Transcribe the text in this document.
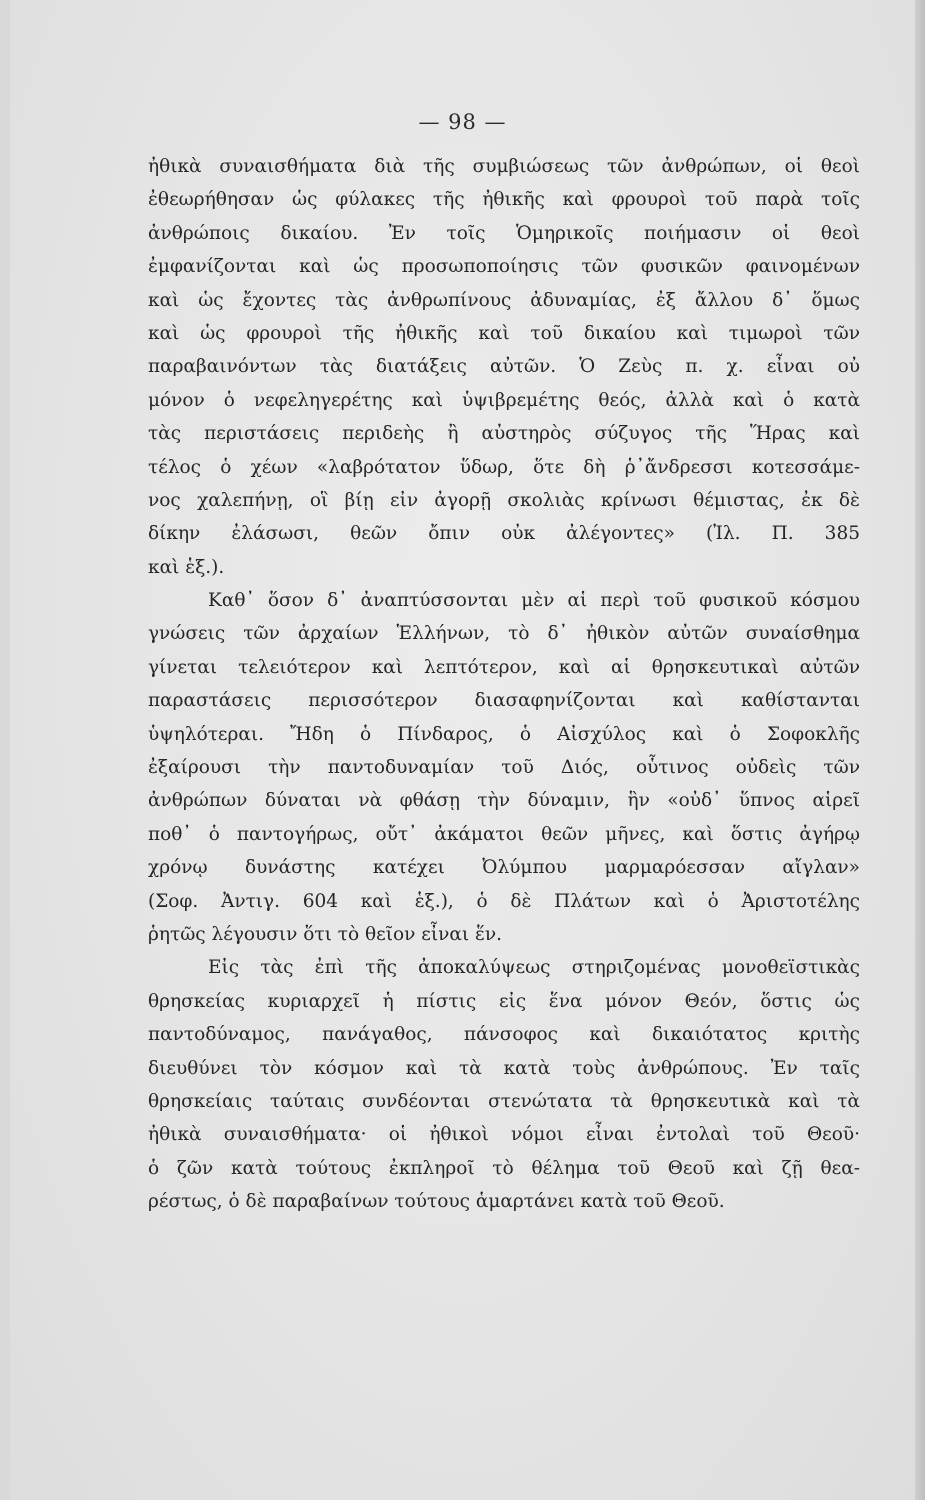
— 98 —
ἠθικὰ συναισθήματα διὰ τῆς συμβιώσεως τῶν ἀνθρώπων, οἱ θεοὶ
ἐθεωρήθησαν ὡς φύλακες τῆς ἠθικῆς καὶ φρουροὶ τοῦ παρὰ τοῖς
ἀνθρώποις δικαίου. Ἐν τοῖς Ὁμηρικοῖς ποιήμασιν οἱ θεοὶ
ἐμφανίζονται καὶ ὡς προσωποποίησις τῶν φυσικῶν φαινομένων
καὶ ὡς ἔχοντες τὰς ἀνθρωπίνους ἀδυναμίας, ἐξ ἄλλου δ᾿ ὅμως
καὶ ὡς φρουροὶ τῆς ἠθικῆς καὶ τοῦ δικαίου καὶ τιμωροὶ τῶν
παραβαινόντων τὰς διατάξεις αὐτῶν. Ὁ Ζεὺς π. χ. εἶναι οὐ
μόνον ὁ νεφεληγερέτης καὶ ὑψιβρεμέτης θεός, ἀλλὰ καὶ ὁ κατὰ
τὰς περιστάσεις περιδεὴς ἢ αὐστηρὸς σύζυγος τῆς Ἥρας καὶ
τέλος ὁ χέων «λαβρότατον ὕδωρ, ὅτε δὴ ῥ᾿ἄνδρεσσι κοτεσσάμε-
νος χαλεπήνῃ, οἳ βίῃ εἰν ἀγορῇ σκολιὰς κρίνωσι θέμιστας, ἐκ δὲ
δίκην ἐλάσωσι, θεῶν ὄπιν οὐκ ἀλέγοντες» (Ἰλ. Π. 385
καὶ ἑξ.).
Καθ᾿ ὅσον δ᾿ ἀναπτύσσονται μὲν αἱ περὶ τοῦ φυσικοῦ κόσμου
γνώσεις τῶν ἀρχαίων Ἑλλήνων, τὸ δ᾿ ἠθικὸν αὐτῶν συναίσθημα
γίνεται τελειότερον καὶ λεπτότερον, καὶ αἱ θρησκευτικαὶ αὐτῶν
παραστάσεις περισσότερον διασαφηνίζονται καὶ καθίστανται
ὑψηλότεραι. Ἤδη ὁ Πίνδαρος, ὁ Αἰσχύλος καὶ ὁ Σοφοκλῆς
ἐξαίρουσι τὴν παντοδυναμίαν τοῦ Διός, οὗτινος οὐδεὶς τῶν
ἀνθρώπων δύναται νὰ φθάσῃ τὴν δύναμιν, ἣν «οὐδ᾿ ὕπνος αἱρεῖ
ποθ᾿ ὁ παντογήρως, οὔτ᾿ ἀκάματοι θεῶν μῆνες, καὶ ὅστις ἀγήρῳ
χρόνῳ δυνάστης κατέχει Ὀλύμπου μαρμαρόεσσαν αἴγλαν»
(Σοφ. Ἀντιγ. 604 καὶ ἑξ.), ὁ δὲ Πλάτων καὶ ὁ Ἀριστοτέλης
ῥητῶς λέγουσιν ὅτι τὸ θεῖον εἶναι ἕν.
Εἰς τὰς ἐπὶ τῆς ἀποκαλύψεως στηριζομένας μονοθεϊστικὰς
θρησκείας κυριαρχεῖ ἡ πίστις εἰς ἕνα μόνον Θεόν, ὅστις ὡς
παντοδύναμος, πανάγαθος, πάνσοφος καὶ δικαιότατος κριτὴς
διευθύνει τὸν κόσμον καὶ τὰ κατὰ τοὺς ἀνθρώπους. Ἐν ταῖς
θρησκείαις ταύταις συνδέονται στενώτατα τὰ θρησκευτικὰ καὶ τὰ
ἠθικὰ συναισθήματα· οἱ ἠθικοὶ νόμοι εἶναι ἐντολαὶ τοῦ Θεοῦ·
ὁ ζῶν κατὰ τούτους ἐκπληροῖ τὸ θέλημα τοῦ Θεοῦ καὶ ζῇ θεα-
ρέστως, ὁ δὲ παραβαίνων τούτους ἁμαρτάνει κατὰ τοῦ Θεοῦ.
